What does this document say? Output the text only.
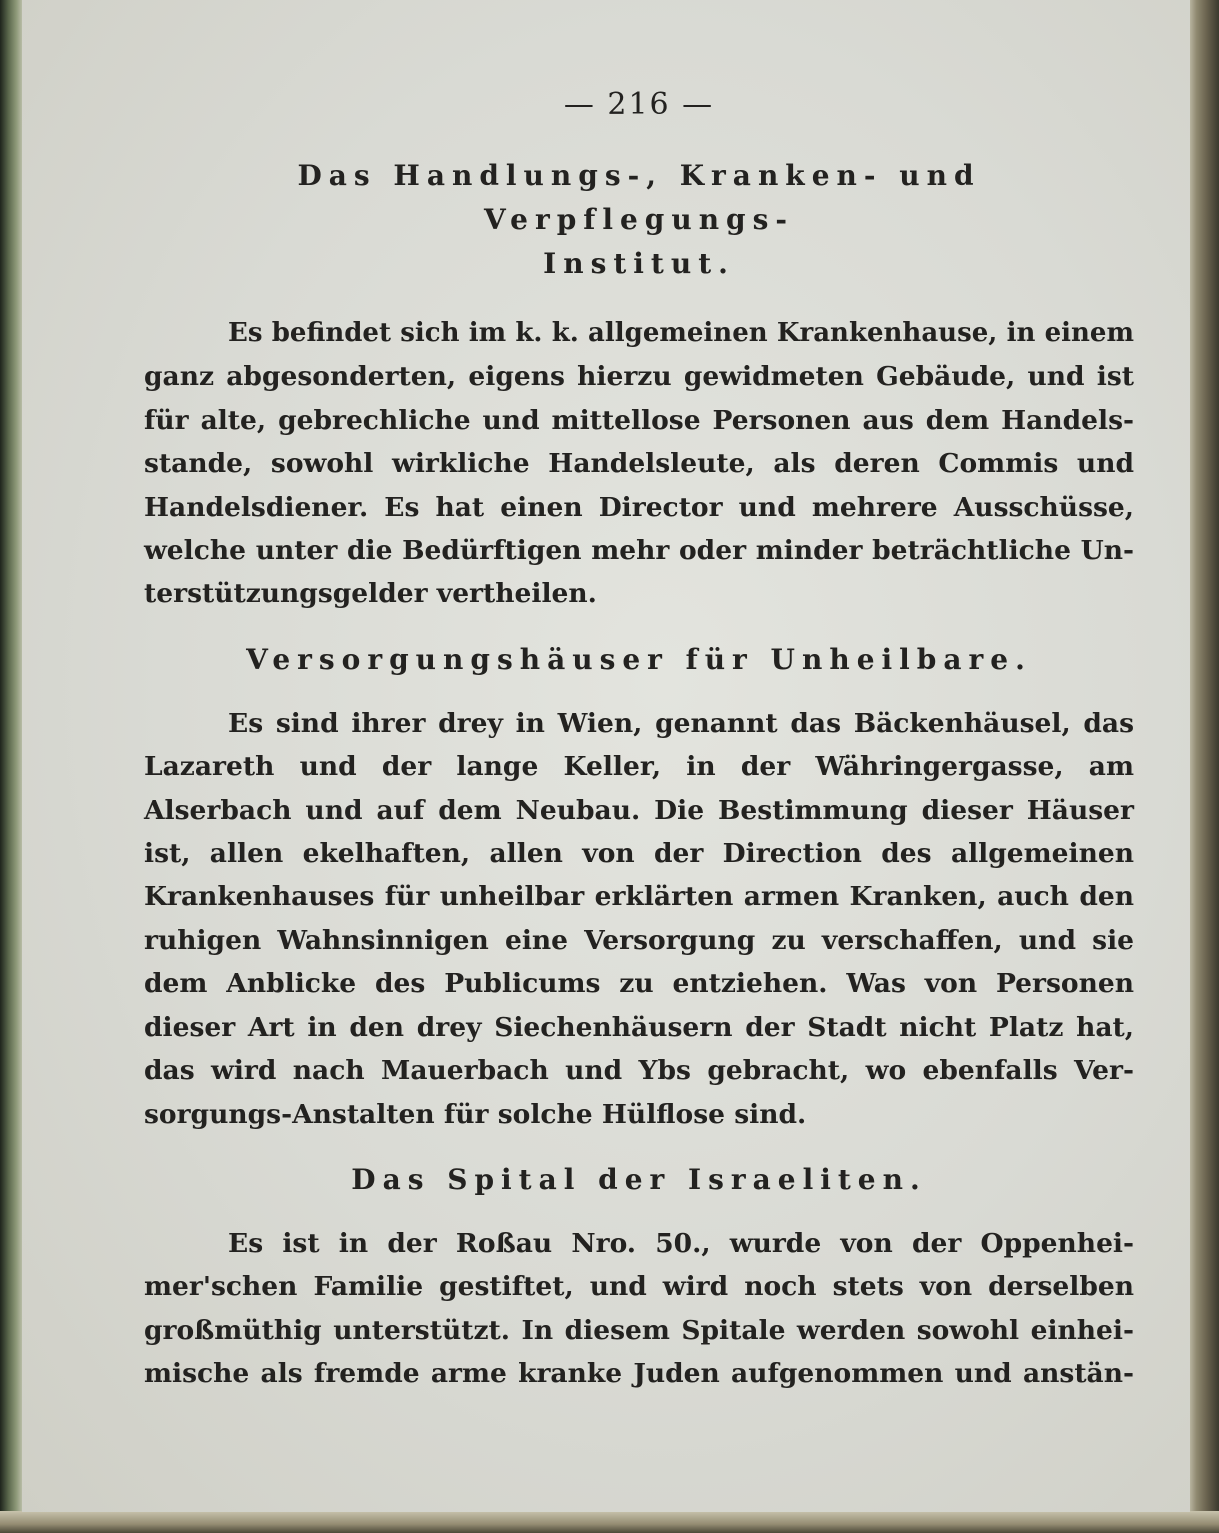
— 216 —
Das Handlungs-, Kranken- und Verpflegungs-
Institut.
Es befindet sich im k. k. allgemeinen Krankenhause, in einem
ganz abgesonderten, eigens hierzu gewidmeten Gebäude, und ist
für alte, gebrechliche und mittellose Personen aus dem Handels-
stande, sowohl wirkliche Handelsleute, als deren Commis und
Handelsdiener. Es hat einen Director und mehrere Ausschüsse,
welche unter die Bedürftigen mehr oder minder beträchtliche Un-
terstützungsgelder vertheilen.
Versorgungshäuser für Unheilbare.
Es sind ihrer drey in Wien, genannt das Bäckenhäusel, das
Lazareth und der lange Keller, in der Währingergasse, am
Alserbach und auf dem Neubau. Die Bestimmung dieser Häuser
ist, allen ekelhaften, allen von der Direction des allgemeinen
Krankenhauses für unheilbar erklärten armen Kranken, auch den
ruhigen Wahnsinnigen eine Versorgung zu verschaffen, und sie
dem Anblicke des Publicums zu entziehen. Was von Personen
dieser Art in den drey Siechenhäusern der Stadt nicht Platz hat,
das wird nach Mauerbach und Ybs gebracht, wo ebenfalls Ver-
sorgungs-Anstalten für solche Hülflose sind.
Das Spital der Israeliten.
Es ist in der Roßau Nro. 50., wurde von der Oppenhei-
mer'schen Familie gestiftet, und wird noch stets von derselben
großmüthig unterstützt. In diesem Spitale werden sowohl einhei-
mische als fremde arme kranke Juden aufgenommen und anstän-
